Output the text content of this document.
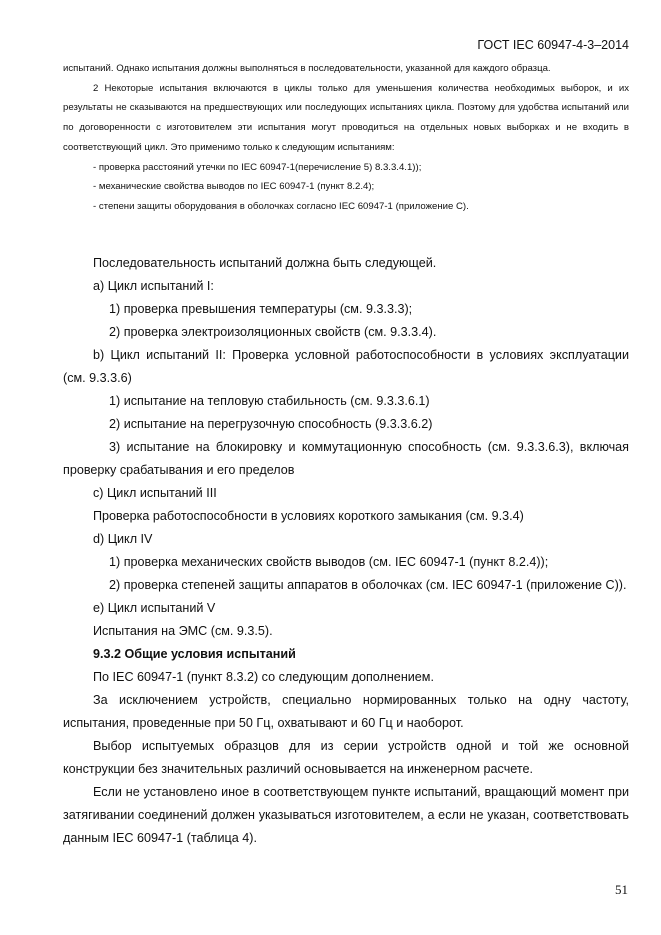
ГОСТ IEC 60947-4-3–2014

испытаний. Однако испытания должны выполняться в последовательности, указанной для каждого образца.

2 Некоторые испытания включаются в циклы только для уменьшения количества необходимых выборок, и их результаты не сказываются на предшествующих или последующих испытаниях цикла. Поэтому для удобства испытаний или по договоренности с изготовителем эти испытания могут проводиться на отдельных новых выборках и не входить в соответствующий цикл. Это применимо только к следующим испытаниям:

- проверка расстояний утечки по IEC 60947-1(перечисление 5) 8.3.3.4.1));

- механические свойства выводов по IEC 60947-1 (пункт 8.2.4);

- степени защиты оборудования в оболочках согласно IEC 60947-1 (приложение C).

Последовательность испытаний должна быть следующей.

а) Цикл испытаний I:

1) проверка превышения температуры (см. 9.3.3.3);

2) проверка электроизоляционных свойств (см. 9.3.3.4).

b) Цикл испытаний II: Проверка условной работоспособности в условиях эксплуатации (см. 9.3.3.6)

1) испытание на тепловую стабильность (см. 9.3.3.6.1)

2) испытание на перегрузочную способность (9.3.3.6.2)

3) испытание на блокировку и коммутационную способность (см. 9.3.3.6.3), включая проверку срабатывания и его пределов

c) Цикл испытаний III

Проверка работоспособности в условиях короткого замыкания (см. 9.3.4)

d) Цикл IV

1) проверка механических свойств выводов (см. IEC 60947-1 (пункт 8.2.4));

2) проверка степеней защиты аппаратов в оболочках (см. IEC 60947-1 (приложение C)).

e) Цикл испытаний V

Испытания на ЭМС (см. 9.3.5).

9.3.2 Общие условия испытаний

По IEC 60947-1 (пункт 8.3.2) со следующим дополнением.

За исключением устройств, специально нормированных только на одну частоту, испытания, проведенные при 50 Гц, охватывают и 60 Гц и наоборот.

Выбор испытуемых образцов для из серии устройств одной и той же основной конструкции без значительных различий основывается на инженерном расчете.

Если не установлено иное в соответствующем пункте испытаний, вращающий момент при затягивании соединений должен указываться изготовителем, а если не указан, соответствовать данным IEC 60947-1 (таблица 4).

51
